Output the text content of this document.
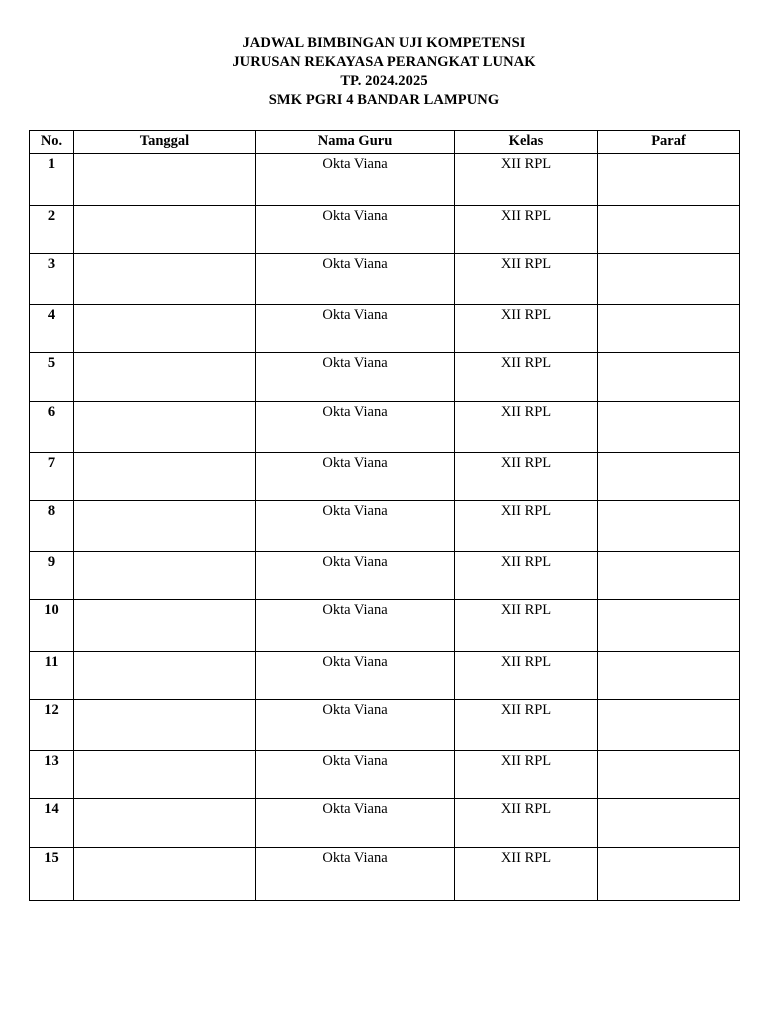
JADWAL BIMBINGAN UJI KOMPETENSI
JURUSAN REKAYASA PERANGKAT LUNAK
TP. 2024.2025
SMK PGRI 4 BANDAR LAMPUNG
No.	Tanggal	Nama Guru	Kelas	Paraf
1		Okta Viana	XII RPL	
2		Okta Viana	XII RPL	
3		Okta Viana	XII RPL	
4		Okta Viana	XII RPL	
5		Okta Viana	XII RPL	
6		Okta Viana	XII RPL	
7		Okta Viana	XII RPL	
8		Okta Viana	XII RPL	
9		Okta Viana	XII RPL	
10		Okta Viana	XII RPL	
11		Okta Viana	XII RPL	
12		Okta Viana	XII RPL	
13		Okta Viana	XII RPL	
14		Okta Viana	XII RPL	
15		Okta Viana	XII RPL	
